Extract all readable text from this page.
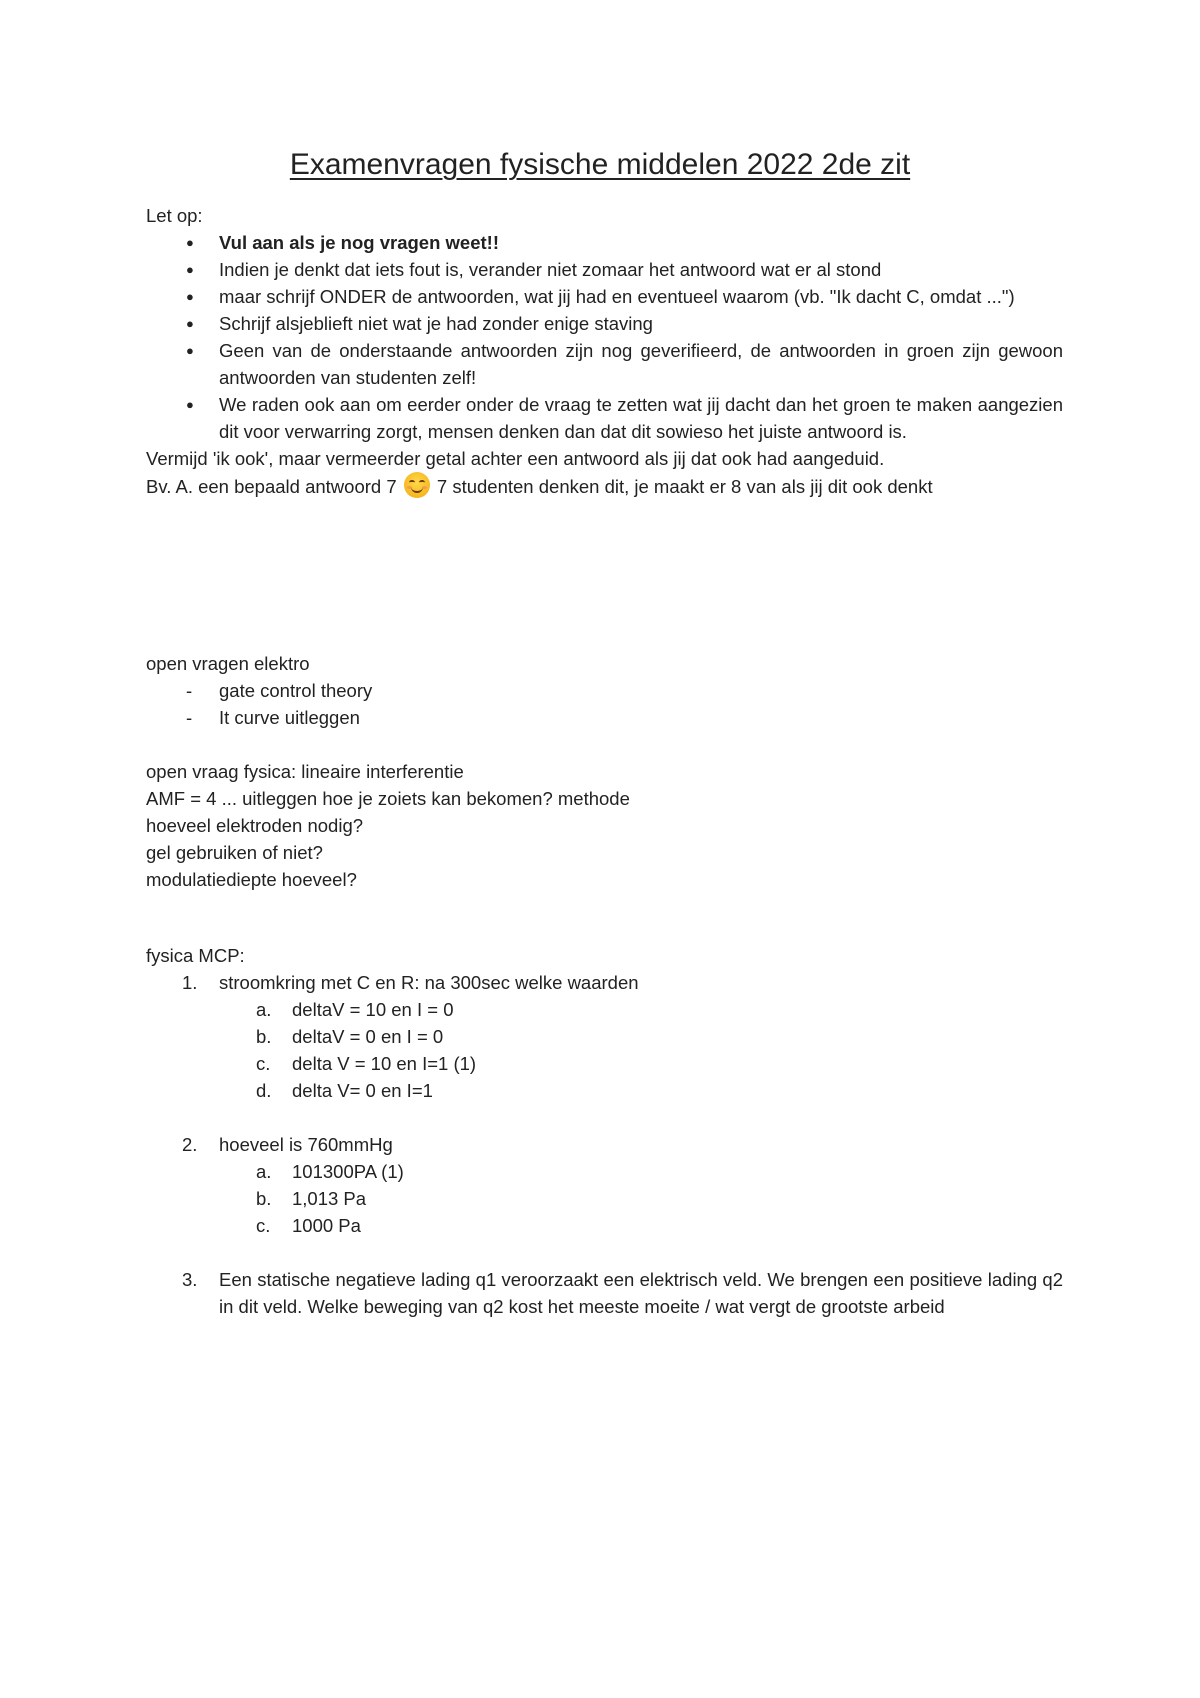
Examenvragen fysische middelen 2022 2de zit

Let op:

● Vul aan als je nog vragen weet!!
● Indien je denkt dat iets fout is, verander niet zomaar het antwoord wat er al stond
● maar schrijf ONDER de antwoorden, wat jij had en eventueel waarom (vb. "Ik dacht C, omdat ...")
● Schrijf alsjeblieft niet wat je had zonder enige staving
● Geen van de onderstaande antwoorden zijn nog geverifieerd, de antwoorden in groen zijn gewoon antwoorden van studenten zelf!
● We raden ook aan om eerder onder de vraag te zetten wat jij dacht dan het groen te maken aangezien dit voor verwarring zorgt, mensen denken dan dat dit sowieso het juiste antwoord is.

Vermijd 'ik ook', maar vermeerder getal achter een antwoord als jij dat ook had aangeduid.

Bv. A. een bepaald antwoord 7 7 studenten denken dit, je maakt er 8 van als jij dit ook denkt

open vragen elektro

- gate control theory
- It curve uitleggen

open vraag fysica: lineaire interferentie

AMF = 4 ... uitleggen hoe je zoiets kan bekomen? methode

hoeveel elektroden nodig?

gel gebruiken of niet?

modulatiediepte hoeveel?

fysica MCP:

1.	stroomkring met C en R: na 300sec welke waarden
a. deltaV = 10 en I = 0
b. deltaV = 0 en I = 0
c. delta V = 10 en I=1 (1)
d. delta V= 0 en I=1
2.	hoeveel is 760mmHg
a. 101300PA (1)
b. 1,013 Pa
c. 1000 Pa
3.	Een statische negatieve lading q1 veroorzaakt een elektrisch veld. We brengen een positieve lading q2 in dit veld. Welke beweging van q2 kost het meeste moeite / wat vergt de grootste arbeid
